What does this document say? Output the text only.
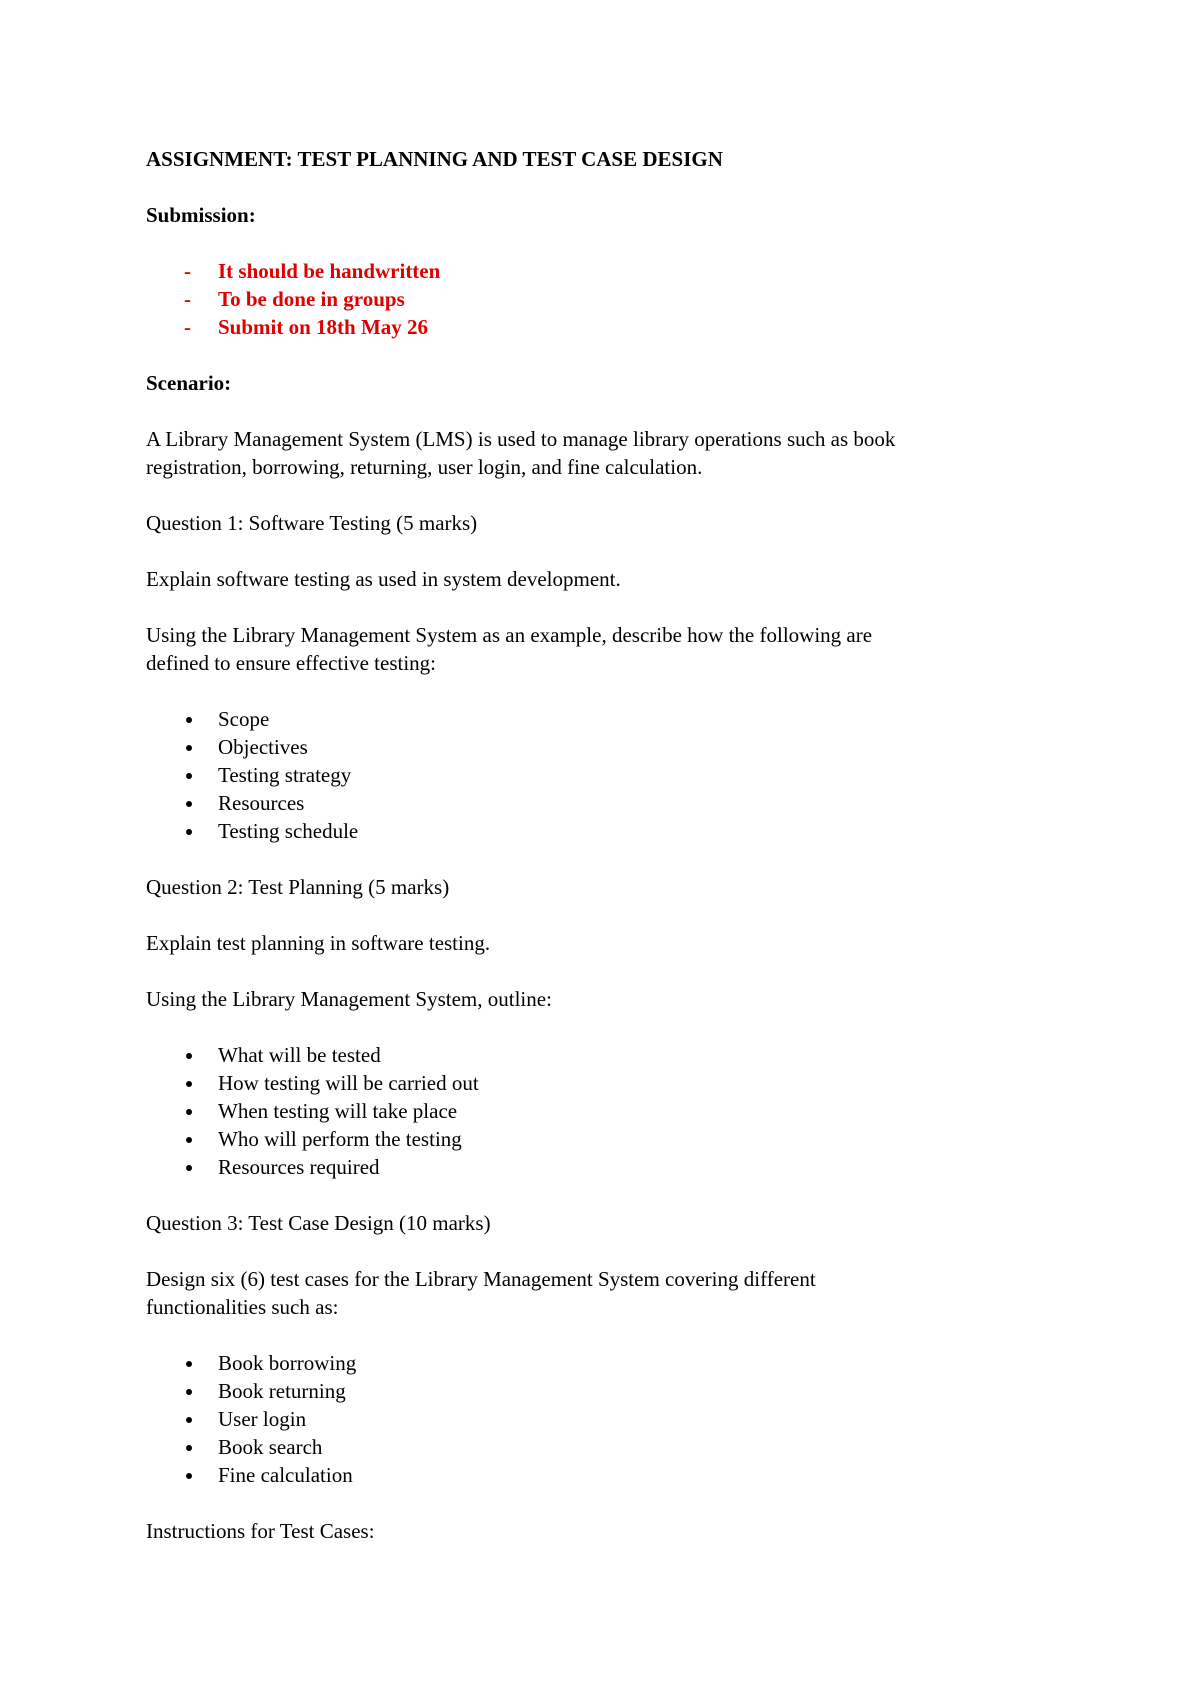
ASSIGNMENT: TEST PLANNING AND TEST CASE DESIGN

Submission:

- It should be handwritten
- To be done in groups
- Submit on 18th May 26

Scenario:

A Library Management System (LMS) is used to manage library operations such as book

registration, borrowing, returning, user login, and fine calculation.

Question 1: Software Testing (5 marks)

Explain software testing as used in system development.

Using the Library Management System as an example, describe how the following are

defined to ensure effective testing:

Scope
Objectives
Testing strategy
Resources
Testing schedule

Question 2: Test Planning (5 marks)

Explain test planning in software testing.

Using the Library Management System, outline:

What will be tested
How testing will be carried out
When testing will take place
Who will perform the testing
Resources required

Question 3: Test Case Design (10 marks)

Design six (6) test cases for the Library Management System covering different

functionalities such as:

Book borrowing
Book returning
User login
Book search
Fine calculation

Instructions for Test Cases:
